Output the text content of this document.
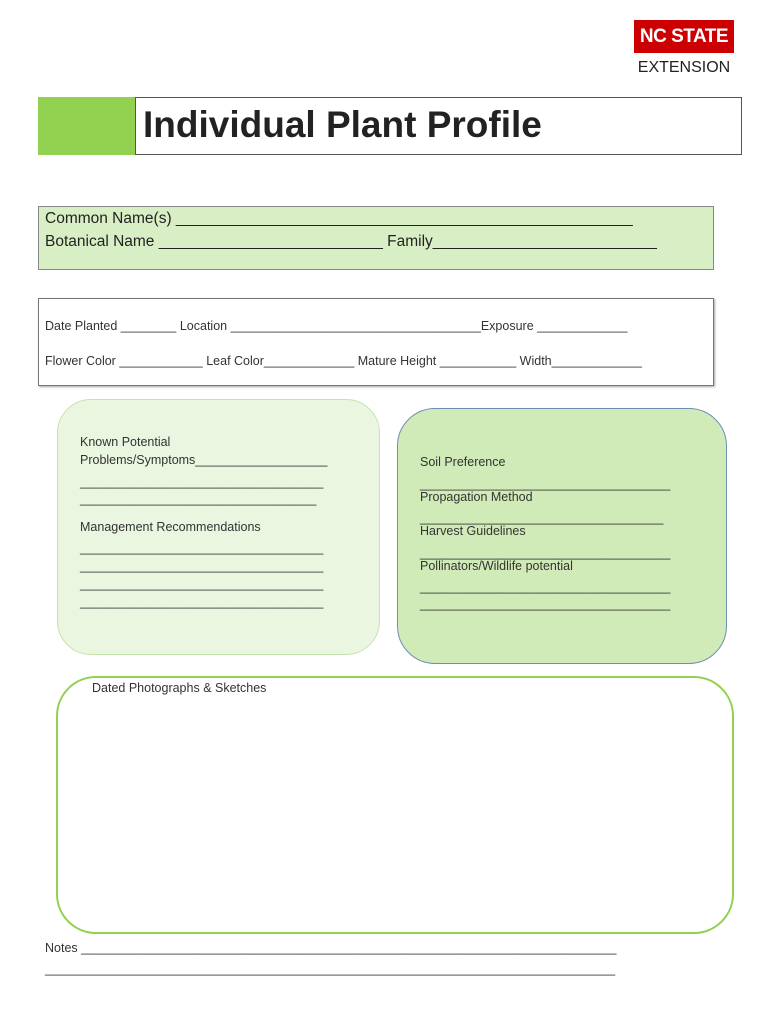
NC STATE
EXTENSION
Individual Plant Profile
Common Name(s) _____________________________________________________
Botanical Name __________________________ Family__________________________
Date Planted ________ Location ____________________________________Exposure _____________
Flower Color ____________ Leaf Color_____________ Mature Height ___________ Width_____________
Known Potential
Problems/Symptoms___________________
___________________________________
__________________________________
Management Recommendations
___________________________________
___________________________________
___________________________________
___________________________________
Soil Preference
____________________________________
Propagation Method
___________________________________
Harvest Guidelines
____________________________________
Pollinators/Wildlife potential
____________________________________
____________________________________
Dated Photographs & Sketches
Notes _____________________________________________________________________________
__________________________________________________________________________________
